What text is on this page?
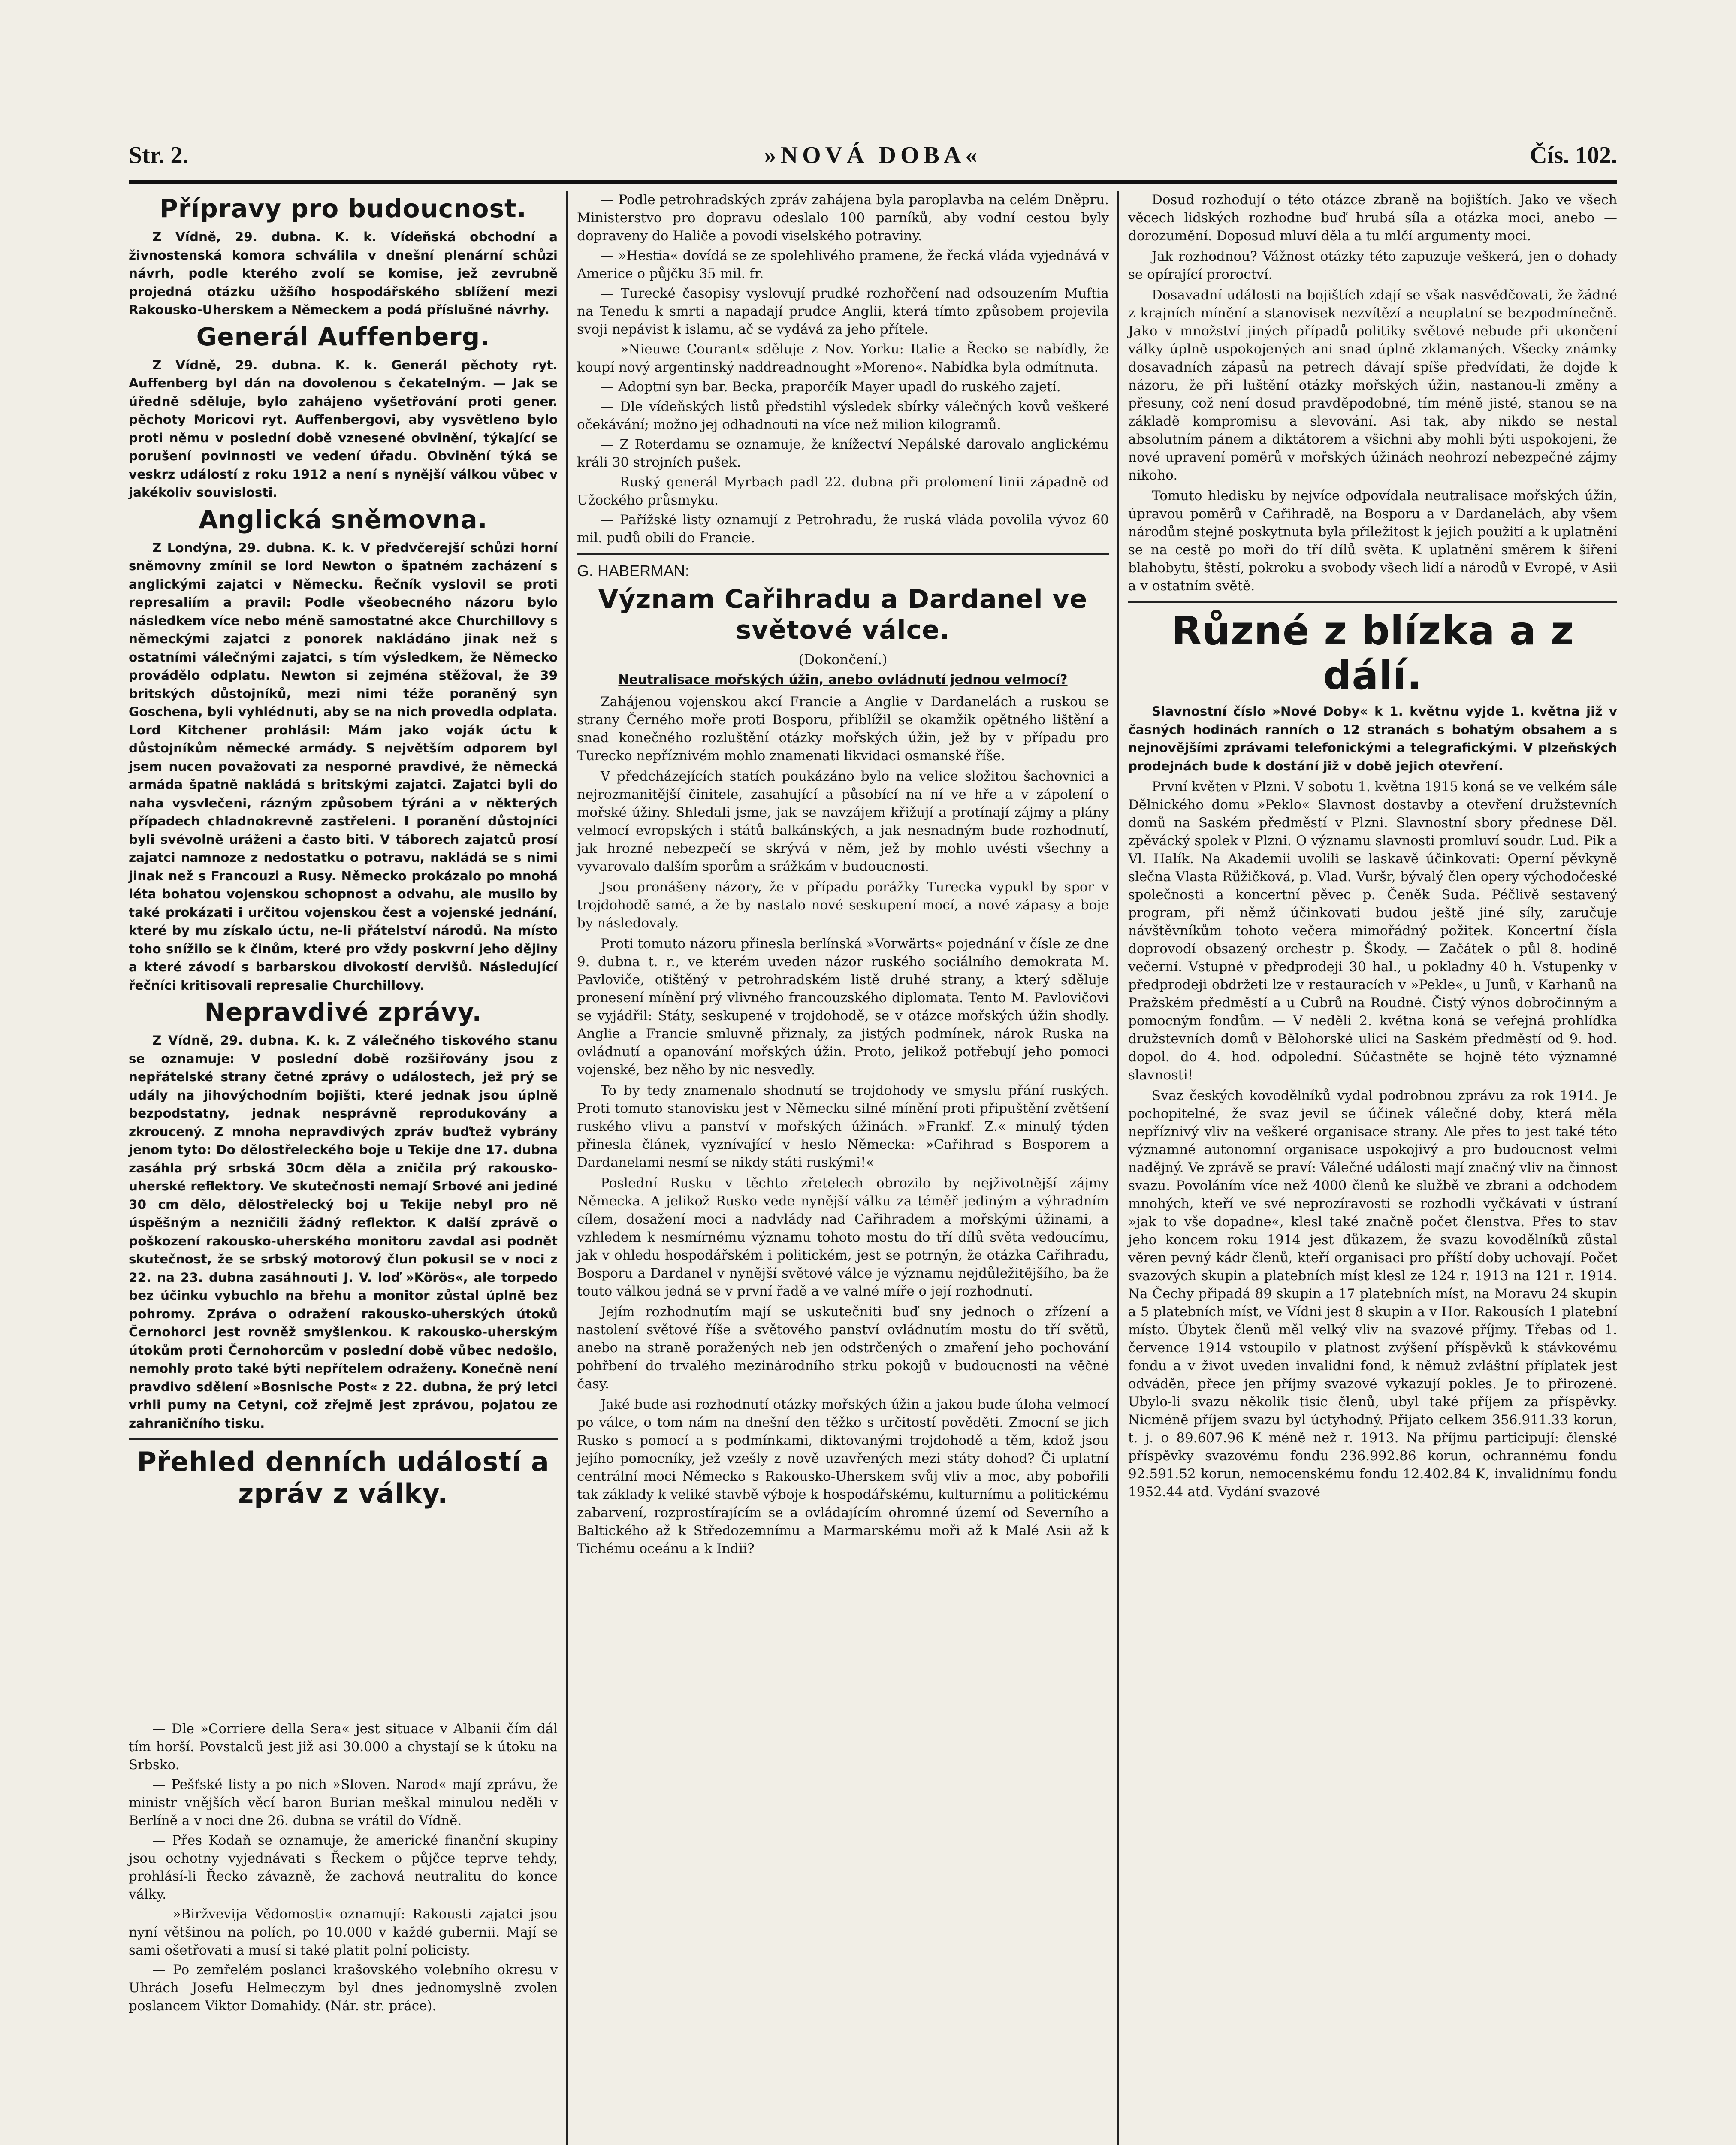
Str. 2.	»NOVÁ DOBA«	Čís. 102.
Přípravy pro budoucnost.

Z Vídně, 29. dubna. K. k. Vídeňská obchodní a živnostenská komora schválila v dnešní plenární schůzi návrh, podle kterého zvolí se komise, jež zevrubně projedná otázku užšího hospodářského sblížení mezi Rakousko-Uherskem a Německem a podá příslušné návrhy.

Generál Auffenberg.

Z Vídně, 29. dubna. K. k. Generál pěchoty ryt. Auffenberg byl dán na dovolenou s čekatelným. — Jak se úředně sděluje, bylo zahájeno vyšetřování proti gener. pěchoty Moricovi ryt. Auffenbergovi, aby vysvětleno bylo proti němu v poslední době vznesené obvinění, týkající se porušení povinnosti ve vedení úřadu. Obvinění týká se veskrz událostí z roku 1912 a není s nynější válkou vůbec v jakékoliv souvislosti.

Anglická sněmovna.

Z Londýna, 29. dubna. K. k. V předvčerejší schůzi horní sněmovny zmínil se lord Newton o špatném zacházení s anglickými zajatci v Německu. Řečník vyslovil se proti represaliím a pravil: Podle všeobecného názoru bylo následkem více nebo méně samostatné akce Churchillovy s německými zajatci z ponorek nakládáno jinak než s ostatními válečnými zajatci, s tím výsledkem, že Německo provádělo odplatu. Newton si zejména stěžoval, že 39 britských důstojníků, mezi nimi téže poraněný syn Goschena, byli vyhlédnuti, aby se na nich provedla odplata. Lord Kitchener prohlásil: Mám jako voják úctu k důstojníkům německé armády. S největším odporem byl jsem nucen považovati za nesporné pravdivé, že německá armáda špatně nakládá s britskými zajatci. Zajatci byli do naha vysvlečeni, rázným způsobem týráni a v některých případech chladnokrevně zastřeleni. I poranění důstojníci byli svévolně uráženi a často biti. V táborech zajatců prosí zajatci namnoze z nedostatku o potravu, nakládá se s nimi jinak než s Francouzi a Rusy. Německo prokázalo po mnohá léta bohatou vojenskou schopnost a odvahu, ale musilo by také prokázati i určitou vojenskou čest a vojenské jednání, které by mu získalo úctu, ne-li přátelství národů. Na místo toho snížilo se k činům, které pro vždy poskvrní jeho dějiny a které závodí s barbarskou divokostí dervišů. Následující řečníci kritisovali represalie Churchillovy.

Nepravdivé zprávy.

Z Vídně, 29. dubna. K. k. Z válečného tiskového stanu se oznamuje: V poslední době rozšiřovány jsou z nepřátelské strany četné zprávy o událostech, jež prý se udály na jihovýchodním bojišti, které jednak jsou úplně bezpodstatny, jednak nesprávně reprodukovány a zkroucený. Z mnoha nepravdivých zpráv buďtež vybrány jenom tyto: Do dělostřeleckého boje u Tekije dne 17. dubna zasáhla prý srbská 30cm děla a zničila prý rakousko-uherské reflektory. Ve skutečnosti nemají Srbové ani jediné 30 cm dělo, dělostřelecký boj u Tekije nebyl pro ně úspěšným a nezničili žádný reflektor. K další zprávě o poškození rakousko-uherského monitoru zavdal asi podnět skutečnost, že se srbský motorový člun pokusil se v noci z 22. na 23. dubna zasáhnouti J. V. loď »Körös«, ale torpedo bez účinku vybuchlo na břehu a monitor zůstal úplně bez pohromy. Zpráva o odražení rakousko-uherských útoků Černohorci jest rovněž smyšlenkou. K rakousko-uherským útokům proti Černohorcům v poslední době vůbec nedošlo, nemohly proto také býti nepřítelem odraženy. Konečně není pravdivo sdělení »Bosnische Post« z 22. dubna, že prý letci vrhli pumy na Cetyni, což zřejmě jest zprávou, pojatou ze zahraničního tisku.

Přehled denních událostí a zpráv z války.

— Dle »Corriere della Sera« jest situace v Albanii čím dál tím horší. Povstalců jest již asi 30.000 a chystají se k útoku na Srbsko.

— Pešťské listy a po nich »Sloven. Narod« mají zprávu, že ministr vnějších věcí baron Burian meškal minulou neděli v Berlíně a v noci dne 26. dubna se vrátil do Vídně.

— Přes Kodaň se oznamuje, že americké finanční skupiny jsou ochotny vyjednávati s Řeckem o půjčce teprve tehdy, prohlásí-li Řecko závazně, že zachová neutralitu do konce války.

— »Biržvevija Vědomosti« oznamují: Rakousti zajatci jsou nyní většinou na polích, po 10.000 v každé gubernii. Mají se sami ošetřovati a musí si také platit polní policisty.

— Po zemřelém poslanci krašovského volebního okresu v Uhrách Josefu Helmeczym byl dnes jednomyslně zvolen poslancem Viktor Domahidy. (Nár. str. práce).

— Podle petrohradských zpráv zahájena byla paroplavba na celém Dněpru. Ministerstvo pro dopravu odeslalo 100 parníků, aby vodní cestou byly dopraveny do Haliče a povodí viselského potraviny.

— »Hestia« dovídá se ze spolehlivého pramene, že řecká vláda vyjednává v Americe o půjčku 35 mil. fr.

— Turecké časopisy vyslovují prudké rozhořčení nad odsouzením Muftia na Tenedu k smrti a napadají prudce Anglii, která tímto způsobem projevila svoji nepávist k islamu, ač se vydává za jeho přítele.

— »Nieuwe Courant« sděluje z Nov. Yorku: Italie a Řecko se nabídly, že koupí nový argentinský naddreadnought »Moreno«. Nabídka byla odmítnuta.

— Adoptní syn bar. Becka, praporčík Mayer upadl do ruského zajetí.

— Dle vídeňských listů předstihl výsledek sbírky válečných kovů veškeré očekávání; možno jej odhadnouti na více než milion kilogramů.

— Z Roterdamu se oznamuje, že knížectví Nepálské darovalo anglickému králi 30 strojních pušek.

— Ruský generál Myrbach padl 22. dubna při prolomení linii západně od Užockého průsmyku.

— Pařížské listy oznamují z Petrohradu, že ruská vláda povolila vývoz 60 mil. pudů obilí do Francie.

G. HABERMAN:
Význam Cařihradu a Dardanel ve světové válce.
(Dokončení.)
Neutralisace mořských úžin, anebo ovládnutí jednou velmocí?

Zahájenou vojenskou akcí Francie a Anglie v Dardanelách a ruskou se strany Černého moře proti Bosporu, přiblížil se okamžik opětného lištění a snad konečného rozluštění otázky mořských úžin, jež by v případu pro Turecko nepříznivém mohlo znamenati likvidaci osmanské říše.

V předcházejících statích poukázáno bylo na velice složitou šachovnici a nejrozmanitější činitele, zasahující a působící na ní ve hře a v zápolení o mořské úžiny. Shledali jsme, jak se navzájem křižují a protínají zájmy a plány velmocí evropských i států balkánských, a jak nesnadným bude rozhodnutí, jak hrozné nebezpečí se skrývá v něm, jež by mohlo uvésti všechny a vyvarovalo dalším sporům a srážkám v budoucnosti.

Jsou pronášeny názory, že v případu porážky Turecka vypukl by spor v trojdohodě samé, a že by nastalo nové seskupení mocí, a nové zápasy a boje by následovaly.

Proti tomuto názoru přinesla berlínská »Vorwärts« pojednání v čísle ze dne 9. dubna t. r., ve kterém uveden názor ruského sociálního demokrata M. Pavloviče, otištěný v petrohradském listě druhé strany, a který sděluje pronesení mínění prý vlivného francouzského diplomata. Tento M. Pavlovičovi se vyjádřil: Státy, seskupené v trojdohodě, se v otázce mořských úžin shodly. Anglie a Francie smluvně přiznaly, za jistých podmínek, nárok Ruska na ovládnutí a opanování mořských úžin. Proto, jelikož potřebují jeho pomoci vojenské, bez něho by nic nesvedly.

To by tedy znamenalo shodnutí se trojdohody ve smyslu přání ruských. Proti tomuto stanovisku jest v Německu silné mínění proti připuštění zvětšení ruského vlivu a panství v mořských úžinách. »Frankf. Z.« minulý týden přinesla článek, vyznívající v heslo Německa: »Cařihrad s Bosporem a Dardanelami nesmí se nikdy státi ruskými!«

Poslední Rusku v těchto zřetelech obrozilo by nejživotnější zájmy Německa. A jelikož Rusko vede nynější válku za téměř jediným a výhradním cílem, dosažení moci a nadvlády nad Cařihradem a mořskými úžinami, a vzhledem k nesmírnému významu tohoto mostu do tří dílů světa vedoucímu, jak v ohledu hospodářském i politickém, jest se potrnýn, že otázka Cařihradu, Bosporu a Dardanel v nynější světové válce je významu nejdůležitějšího, ba že touto válkou jedná se v první řadě a ve valné míře o její rozhodnutí.

Jejím rozhodnutím mají se uskutečniti buď sny jednoch o zřízení a nastolení světové říše a světového panství ovládnutím mostu do tří světů, anebo na straně poražených neb jen odstrčených o zmaření jeho pochování pohřbení do trvalého mezinárodního strku pokojů v budoucnosti na věčné časy.

Jaké bude asi rozhodnutí otázky mořských úžin a jakou bude úloha velmocí po válce, o tom nám na dnešní den těžko s určitostí pověděti. Zmocní se jich Rusko s pomocí a s podmínkami, diktovanými trojdohodě a těm, kdož jsou jejího pomocníky, jež vzešly z nově uzavřených mezi státy dohod? Či uplatní centrální moci Německo s Rakousko-Uherskem svůj vliv a moc, aby pobořili tak základy k veliké stavbě výboje k hospodářskému, kulturnímu a politickému zabarvení, rozprostírajícím se a ovládajícím ohromné území od Severního a Baltického až k Středozemnímu a Marmarskému moři až k Malé Asii až k Tichému oceánu a k Indii?

Dosud rozhodují o této otázce zbraně na bojištích. Jako ve všech věcech lidských rozhodne buď hrubá síla a otázka moci, anebo — dorozumění. Doposud mluví děla a tu mlčí argumenty moci.

Jak rozhodnou? Vážnost otázky této zapuzuje veškerá, jen o dohady se opírající proroctví.

Dosavadní události na bojištích zdají se však nasvědčovati, že žádné z krajních mínění a stanovisek nezvítězí a neuplatní se bezpodmínečně. Jako v množství jiných případů politiky světové nebude při ukončení války úplně uspokojených ani snad úplně zklamaných. Všecky známky dosavadních zápasů na petrech dávají spíše předvídati, že dojde k názoru, že při luštění otázky mořských úžin, nastanou-li změny a přesuny, což není dosud pravděpodobné, tím méně jisté, stanou se na základě kompromisu a slevování. Asi tak, aby nikdo se nestal absolutním pánem a diktátorem a všichni aby mohli býti uspokojeni, že nové upravení poměrů v mořských úžinách neohrozí nebezpečné zájmy nikoho.

Tomuto hledisku by nejvíce odpovídala neutralisace mořských úžin, úpravou poměrů v Cařihradě, na Bosporu a v Dardanelách, aby všem národům stejně poskytnuta byla příležitost k jejich použití a k uplatnění se na cestě po moři do tří dílů světa. K uplatnění směrem k šíření blahobytu, štěstí, pokroku a svobody všech lidí a národů v Evropě, v Asii a v ostatním světě.

Různé z blízka a z dálí.

Slavnostní číslo »Nové Doby« k 1. květnu vyjde 1. května již v časných hodinách ranních o 12 stranách s bohatým obsahem a s nejnovějšími zprávami telefonickými a telegrafickými. V plzeňských prodejnách bude k dostání již v době jejich otevření.

První květen v Plzni. V sobotu 1. května 1915 koná se ve velkém sále Dělnického domu »Peklo« Slavnost dostavby a otevření družstevních domů na Saském předměstí v Plzni. Slavnostní sbory přednese Děl. zpěvácký spolek v Plzni. O významu slavnosti promluví soudr. Lud. Pik a Vl. Halík. Na Akademii uvolili se laskavě účinkovati: Operní pěvkyně slečna Vlasta Růžičková, p. Vlad. Vuršr, bývalý člen opery východočeské společnosti a koncertní pěvec p. Čeněk Suda. Péčlivě sestavený program, při němž účinkovati budou ještě jiné síly, zaručuje návštěvníkům tohoto večera mimořádný požitek. Koncertní čísla doprovodí obsazený orchestr p. Škody. — Začátek o půl 8. hodině večerní. Vstupné v předprodeji 30 hal., u pokladny 40 h. Vstupenky v předprodeji obdržeti lze v restauracích v »Pekle«, u Junů, v Karhanů na Pražském předměstí a u Cubrů na Roudné. Čistý výnos dobročinným a pomocným fondům. — V neděli 2. května koná se veřejná prohlídka družstevních domů v Bělohorské ulici na Saském předměstí od 9. hod. dopol. do 4. hod. odpolední. Súčastněte se hojně této významné slavnosti!

Svaz českých kovodělníků vydal podrobnou zprávu za rok 1914. Je pochopitelné, že svaz jevil se účinek válečné doby, která měla nepříznivý vliv na veškeré organisace strany. Ale přes to jest také této významné autonomní organisace uspokojivý a pro budoucnost velmi nadějný. Ve zprávě se praví: Válečné události mají značný vliv na činnost svazu. Povoláním více než 4000 členů ke službě ve zbrani a odchodem mnohých, kteří ve své neprozíravosti se rozhodli vyčkávati v ústraní »jak to vše dopadne«, klesl také značně počet členstva. Přes to stav jeho koncem roku 1914 jest důkazem, že svazu kovodělníků zůstal věren pevný kádr členů, kteří organisaci pro příští doby uchovají. Počet svazových skupin a platebních míst klesl ze 124 r. 1913 na 121 r. 1914. Na Čechy připadá 89 skupin a 17 platebních míst, na Moravu 24 skupin a 5 platebních míst, ve Vídni jest 8 skupin a v Hor. Rakousích 1 platební místo. Úbytek členů měl velký vliv na svazové příjmy. Třebas od 1. července 1914 vstoupilo v platnost zvýšení příspěvků k stávkovému fondu a v život uveden invalidní fond, k němuž zvláštní příplatek jest odváděn, přece jen příjmy svazové vykazují pokles. Je to přirozené. Ubylo-li svazu několik tisíc členů, ubyl také příjem za příspěvky. Nicméně příjem svazu byl úctyhodný. Přijato celkem 356.911.33 korun, t. j. o 89.607.96 K méně než r. 1913. Na příjmu participují: členské příspěvky svazovému fondu 236.992.86 korun, ochrannému fondu 92.591.52 korun, nemocenskému fondu 12.402.84 K, invalidnímu fondu 1952.44 atd. Vydání svazové
